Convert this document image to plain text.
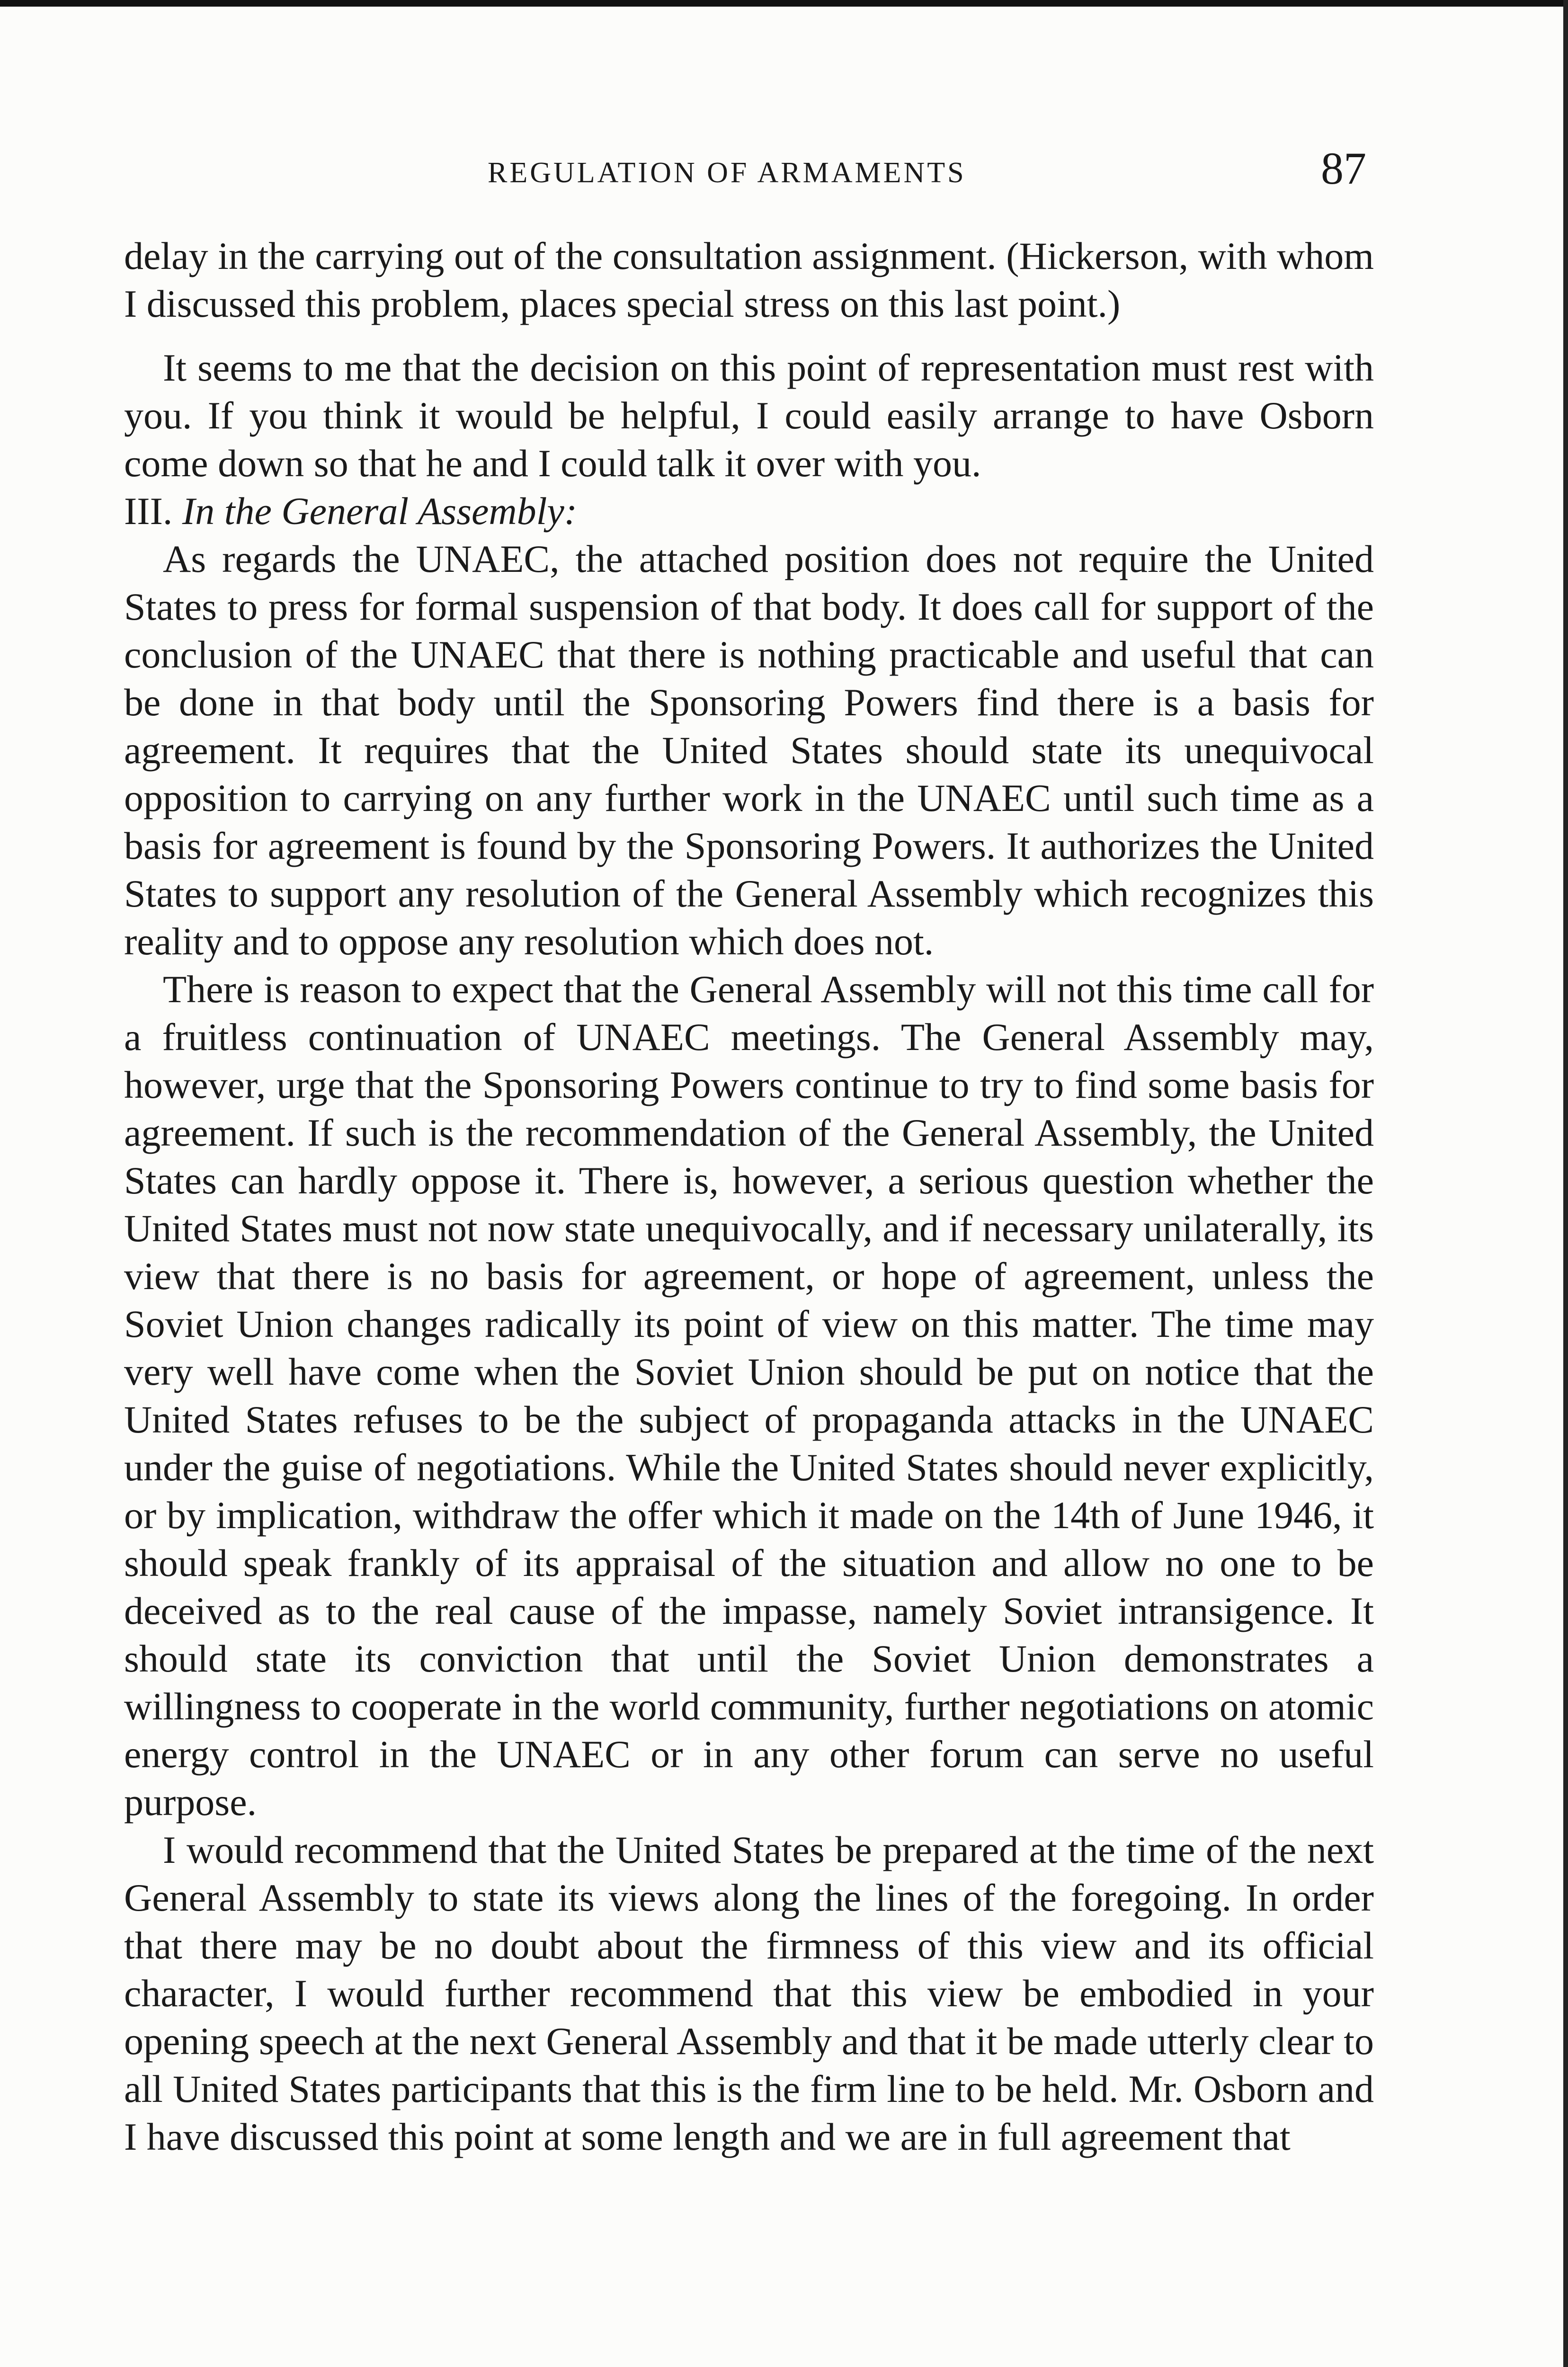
REGULATION OF ARMAMENTS	87

delay in the carrying out of the consultation assignment. (Hickerson, with whom I discussed this problem, places special stress on this last point.)

It seems to me that the decision on this point of representation must rest with you. If you think it would be helpful, I could easily arrange to have Osborn come down so that he and I could talk it over with you.

III. In the General Assembly:

As regards the UNAEC, the attached position does not require the United States to press for formal suspension of that body. It does call for support of the conclusion of the UNAEC that there is nothing practicable and useful that can be done in that body until the Sponsoring Powers find there is a basis for agreement. It requires that the United States should state its unequivocal opposition to carrying on any further work in the UNAEC until such time as a basis for agreement is found by the Sponsoring Powers. It authorizes the United States to support any resolution of the General Assembly which recognizes this reality and to oppose any resolution which does not.

There is reason to expect that the General Assembly will not this time call for a fruitless continuation of UNAEC meetings. The General Assembly may, however, urge that the Sponsoring Powers continue to try to find some basis for agreement. If such is the recommendation of the General Assembly, the United States can hardly oppose it. There is, however, a serious question whether the United States must not now state unequivocally, and if necessary unilaterally, its view that there is no basis for agreement, or hope of agreement, unless the Soviet Union changes radically its point of view on this matter. The time may very well have come when the Soviet Union should be put on notice that the United States refuses to be the subject of propaganda attacks in the UNAEC under the guise of negotiations. While the United States should never explicitly, or by implication, withdraw the offer which it made on the 14th of June 1946, it should speak frankly of its appraisal of the situation and allow no one to be deceived as to the real cause of the impasse, namely Soviet intransigence. It should state its conviction that until the Soviet Union demonstrates a willingness to cooperate in the world community, further negotiations on atomic energy control in the UNAEC or in any other forum can serve no useful purpose.

I would recommend that the United States be prepared at the time of the next General Assembly to state its views along the lines of the foregoing. In order that there may be no doubt about the firmness of this view and its official character, I would further recommend that this view be embodied in your opening speech at the next General Assembly and that it be made utterly clear to all United States participants that this is the firm line to be held. Mr. Osborn and I have discussed this point at some length and we are in full agreement that
